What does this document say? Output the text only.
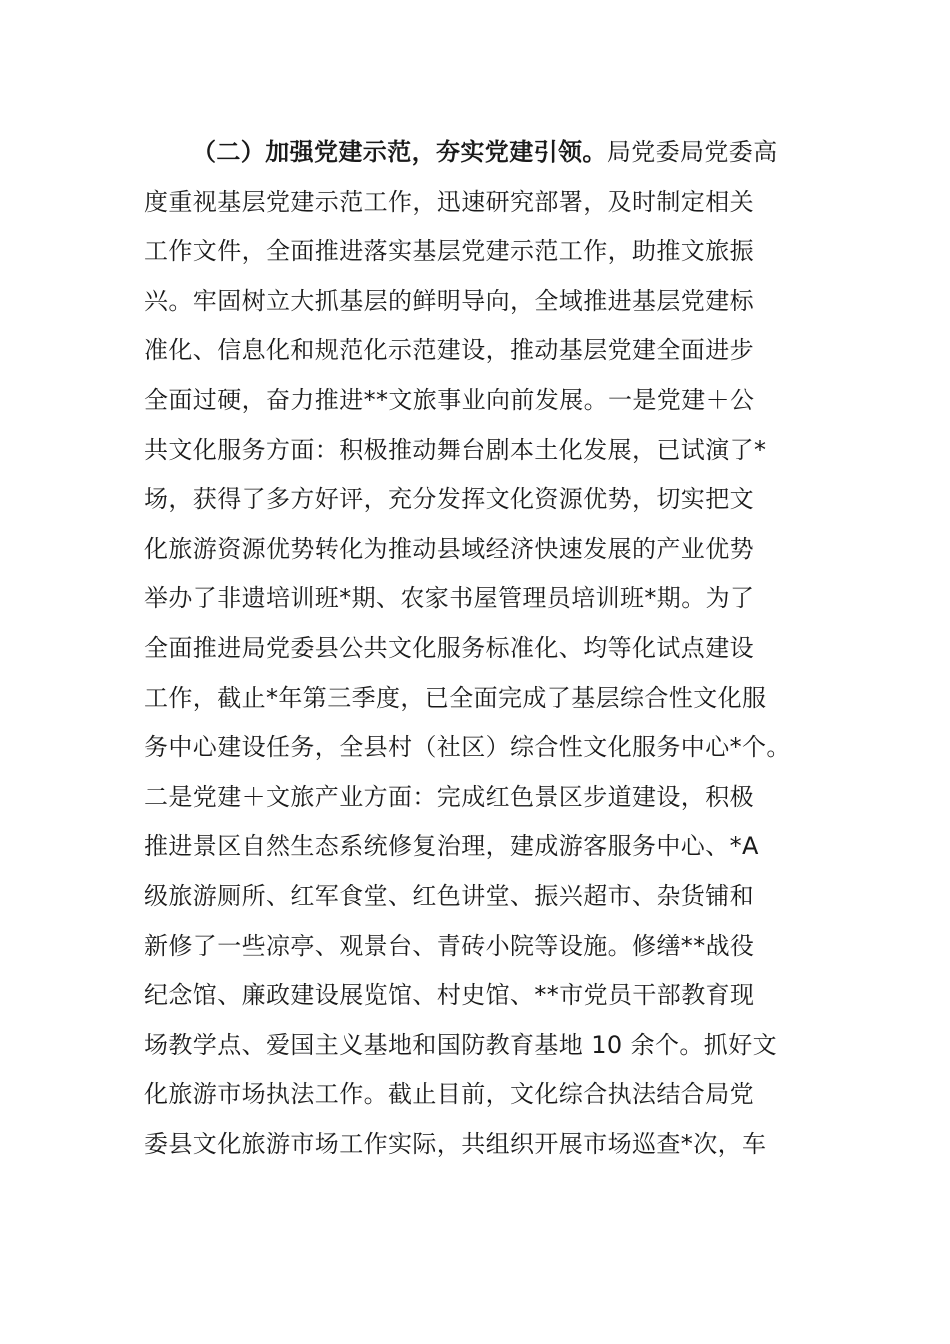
（二）加强党建示范，夯实党建引领。局党委局党委高
度重视基层党建示范工作，迅速研究部署，及时制定相关
工作文件，全面推进落实基层党建示范工作，助推文旅振
兴。牢固树立大抓基层的鲜明导向，全域推进基层党建标
准化、信息化和规范化示范建设，推动基层党建全面进步
全面过硬，奋力推进**文旅事业向前发展。一是党建＋公
共文化服务方面：积极推动舞台剧本土化发展，已试演了*
场，获得了多方好评，充分发挥文化资源优势，切实把文
化旅游资源优势转化为推动县域经济快速发展的产业优势
举办了非遗培训班*期、农家书屋管理员培训班*期。为了
全面推进局党委县公共文化服务标准化、均等化试点建设
工作，截止*年第三季度，已全面完成了基层综合性文化服
务中心建设任务，全县村（社区）综合性文化服务中心*个。
二是党建＋文旅产业方面：完成红色景区步道建设，积极
推进景区自然生态系统修复治理，建成游客服务中心、*A
级旅游厕所、红军食堂、红色讲堂、振兴超市、杂货铺和
新修了一些凉亭、观景台、青砖小院等设施。修缮**战役
纪念馆、廉政建设展览馆、村史馆、**市党员干部教育现
场教学点、爱国主义基地和国防教育基地 10 余个。抓好文
化旅游市场执法工作。截止目前，文化综合执法结合局党
委县文化旅游市场工作实际，共组织开展市场巡查*次，车
